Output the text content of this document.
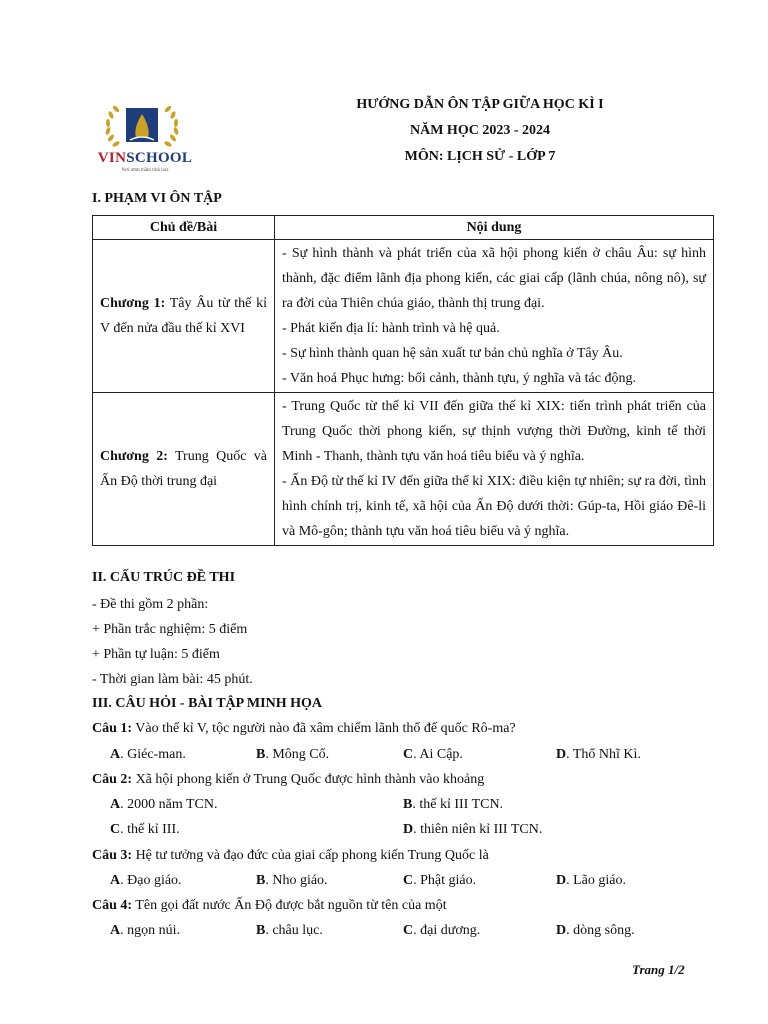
VINSCHOOL
Nơi ươm mầm tinh hoa
HƯỚNG DẪN ÔN TẬP GIỮA HỌC KÌ I
NĂM HỌC 2023 - 2024
MÔN: LỊCH SỬ - LỚP 7
I. PHẠM VI ÔN TẬP
Chủ đề/Bài	Nội dung
Chương 1: Tây Âu từ thế kỉ V đến nửa đầu thế kỉ XVI	- Sự hình thành và phát triển của xã hội phong kiến ở châu Âu: sự hình thành, đặc điểm lãnh địa phong kiến, các giai cấp (lãnh chúa, nông nô), sự ra đời của Thiên chúa giáo, thành thị trung đại.
- Phát kiến địa lí: hành trình và hệ quả.
- Sự hình thành quan hệ sản xuất tư bản chủ nghĩa ở Tây Âu.
- Văn hoá Phục hưng: bối cảnh, thành tựu, ý nghĩa và tác động.

Chương 2: Trung Quốc và Ấn Độ thời trung đại	- Trung Quốc từ thế kỉ VII đến giữa thế kỉ XIX: tiến trình phát triển của Trung Quốc thời phong kiến, sự thịnh vượng thời Đường, kinh tế thời Minh - Thanh, thành tựu văn hoá tiêu biểu và ý nghĩa.
- Ấn Độ từ thế kỉ IV đến giữa thế kỉ XIX: điều kiện tự nhiên; sự ra đời, tình hình chính trị, kinh tế, xã hội của Ấn Độ dưới thời: Gúp-ta, Hồi giáo Đê-li và Mô-gôn; thành tựu văn hoá tiêu biểu và ý nghĩa.
II. CẤU TRÚC ĐỀ THI
- Đề thi gồm 2 phần:
+ Phần trắc nghiệm: 5 điểm
+ Phần tự luận: 5 điểm
- Thời gian làm bài: 45 phút.
III. CÂU HỎI - BÀI TẬP MINH HỌA
Câu 1: Vào thế kỉ V, tộc người nào đã xâm chiếm lãnh thổ đế quốc Rô-ma?
A. Giéc-man.	B. Mông Cổ.	C. Ai Cập.	D. Thổ Nhĩ Kì.
Câu 2: Xã hội phong kiến ở Trung Quốc được hình thành vào khoảng
A. 2000 năm TCN.	B. thế kỉ III TCN.
C. thế kỉ III.	D. thiên niên kỉ III TCN.
Câu 3: Hệ tư tưởng và đạo đức của giai cấp phong kiến Trung Quốc là
A. Đạo giáo.	B. Nho giáo.	C. Phật giáo.	D. Lão giáo.
Câu 4: Tên gọi đất nước Ấn Độ được bắt nguồn từ tên của một
A. ngọn núi.	B. châu lục.	C. đại dương.	D. dòng sông.
Trang 1/2
